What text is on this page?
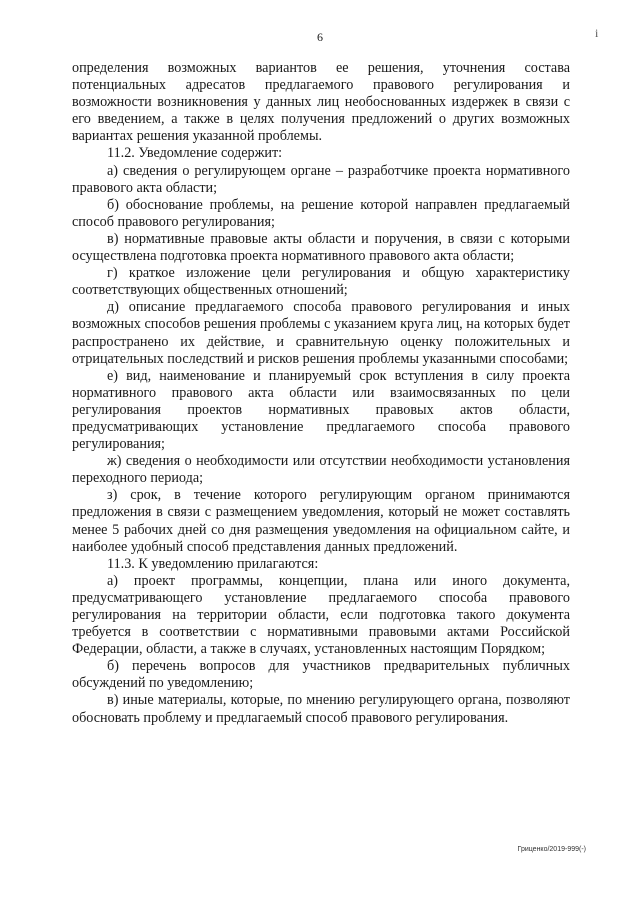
6	i

определения возможных вариантов ее решения, уточнения состава потенциальных адресатов предлагаемого правового регулирования и возможности возникновения у данных лиц необоснованных издержек в связи с его введением, а также в целях получения предложений о других возможных вариантах решения указанной проблемы.

11.2. Уведомление содержит:

а) сведения о регулирующем органе – разработчике проекта нормативного правового акта области;

б) обоснование проблемы, на решение которой направлен предлагаемый способ правового регулирования;

в) нормативные правовые акты области и поручения, в связи с которыми осуществлена подготовка проекта нормативного правового акта области;

г) краткое изложение цели регулирования и общую характеристику соответствующих общественных отношений;

д) описание предлагаемого способа правового регулирования и иных возможных способов решения проблемы с указанием круга лиц, на которых будет распространено их действие, и сравнительную оценку положительных и отрицательных последствий и рисков решения проблемы указанными способами;

е) вид, наименование и планируемый срок вступления в силу проекта нормативного правового акта области или взаимосвязанных по цели регулирования проектов нормативных правовых актов области, предусматривающих установление предлагаемого способа правового регулирования;

ж) сведения о необходимости или отсутствии необходимости установления переходного периода;

з) срок, в течение которого регулирующим органом принимаются предложения в связи с размещением уведомления, который не может составлять менее 5 рабочих дней со дня размещения уведомления на официальном сайте, и наиболее удобный способ представления данных предложений.

11.3. К уведомлению прилагаются:

а) проект программы, концепции, плана или иного документа, предусматривающего установление предлагаемого способа правового регулирования на территории области, если подготовка такого документа требуется в соответствии с нормативными правовыми актами Российской Федерации, области, а также в случаях, установленных настоящим Порядком;

б) перечень вопросов для участников предварительных публичных обсуждений по уведомлению;

в) иные материалы, которые, по мнению регулирующего органа, позволяют обосновать проблему и предлагаемый способ правового регулирования.

Гриценко/2019-999(-)
